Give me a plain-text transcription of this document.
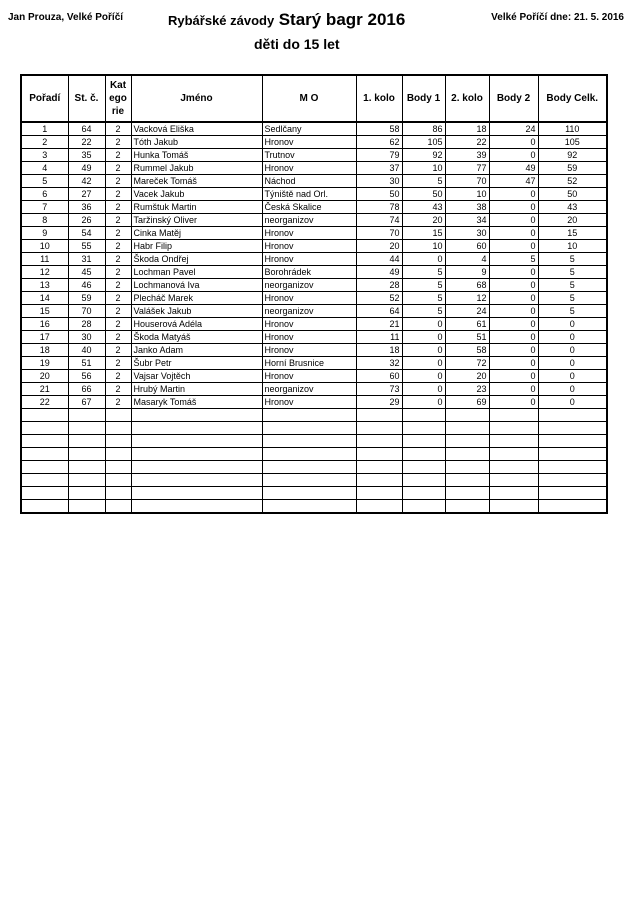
Jan Prouza, Velké Poříčí	Rybářské závody Starý bagr 2016	Velké Poříčí dne: 21. 5. 2016
děti do 15 let
Pořadí	St. č.	Kat
ego
rie	Jméno	M O	1. kolo	Body 1	2. kolo	Body 2	Body Celk.
1	64	2	Vacková Eliška	Sedlčany	58	86	18	24	110
2	22	2	Tóth Jakub	Hronov	62	105	22	0	105
3	35	2	Hunka Tomáš	Trutnov	79	92	39	0	92
4	49	2	Rummel Jakub	Hronov	37	10	77	49	59
5	42	2	Mareček Tomáš	Náchod	30	5	70	47	52
6	27	2	Vacek Jakub	Týniště nad Orl.	50	50	10	0	50
7	36	2	Rumštuk Martin	Česká Skalice	78	43	38	0	43
8	26	2	Taržinský Oliver	neorganizov	74	20	34	0	20
9	54	2	Cinka Matěj	Hronov	70	15	30	0	15
10	55	2	Habr Filip	Hronov	20	10	60	0	10
11	31	2	Škoda Ondřej	Hronov	44	0	4	5	5
12	45	2	Lochman Pavel	Borohrádek	49	5	9	0	5
13	46	2	Lochmanová Iva	neorganizov	28	5	68	0	5
14	59	2	Plecháč Marek	Hronov	52	5	12	0	5
15	70	2	Valášek Jakub	neorganizov	64	5	24	0	5
16	28	2	Houserová Adéla	Hronov	21	0	61	0	0
17	30	2	Škoda Matyáš	Hronov	11	0	51	0	0
18	40	2	Janko Adam	Hronov	18	0	58	0	0
19	51	2	Šubr Petr	Horní Brusnice	32	0	72	0	0
20	56	2	Vajsar Vojtěch	Hronov	60	0	20	0	0
21	66	2	Hrubý Martin	neorganizov	73	0	23	0	0
22	67	2	Masaryk Tomáš	Hronov	29	0	69	0	0
